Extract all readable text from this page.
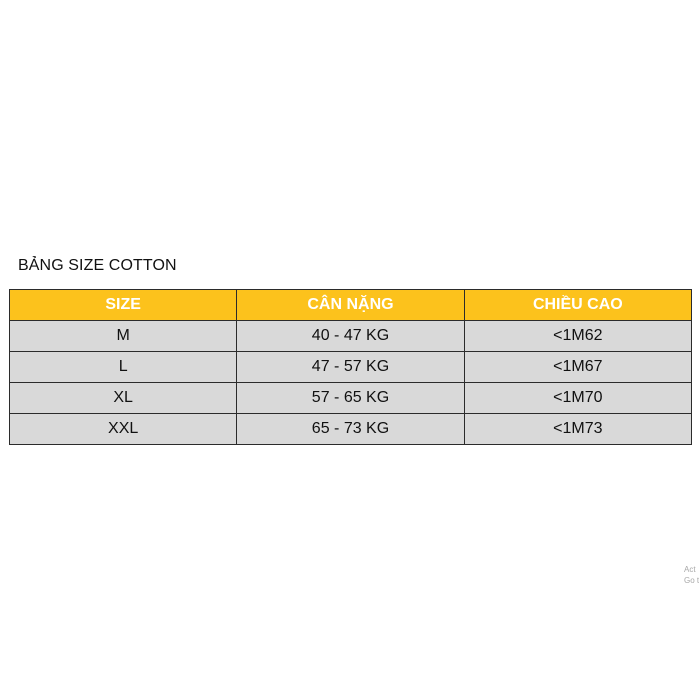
BẢNG SIZE COTTON
SIZE	CÂN NẶNG	CHIỀU CAO
M	40 - 47 KG	<1M62
L	47 - 57 KG	<1M67
XL	57 - 65 KG	<1M70
XXL	65 - 73 KG	<1M73
Act
Go t
